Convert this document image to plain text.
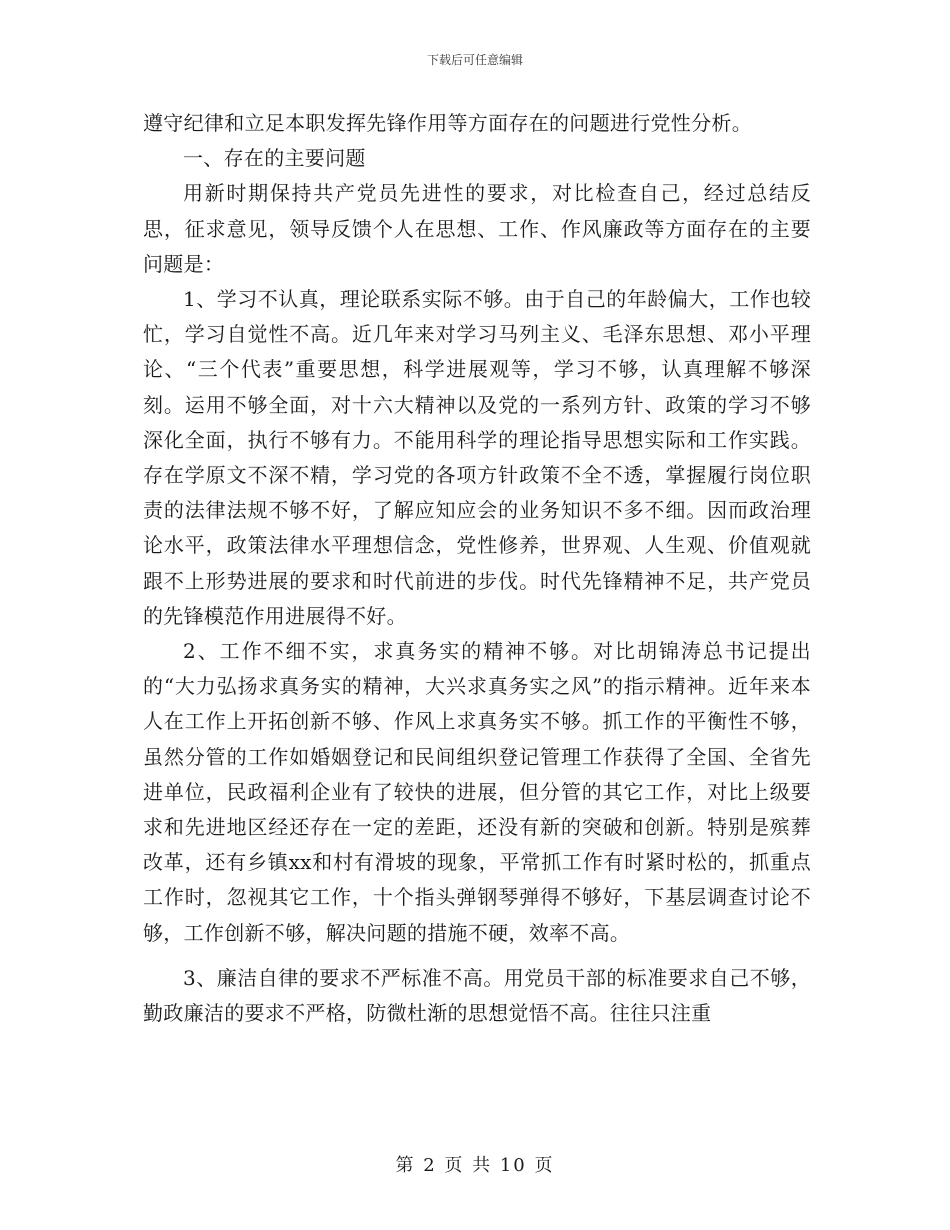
下载后可任意编辑

遵守纪律和立足本职发挥先锋作用等方面存在的问题进行党性分析。

一、存在的主要问题

用新时期保持共产党员先进性的要求，对比检查自己，经过总结反思，征求意见，领导反馈个人在思想、工作、作风廉政等方面存在的主要问题是：

1、学习不认真，理论联系实际不够。由于自己的年龄偏大，工作也较忙，学习自觉性不高。近几年来对学习马列主义、毛泽东思想、邓小平理论、“三个代表”重要思想，科学进展观等，学习不够，认真理解不够深刻。运用不够全面，对十六大精神以及党的一系列方针、政策的学习不够深化全面，执行不够有力。不能用科学的理论指导思想实际和工作实践。存在学原文不深不精，学习党的各项方针政策不全不透，掌握履行岗位职责的法律法规不够不好，了解应知应会的业务知识不多不细。因而政治理论水平，政策法律水平理想信念，党性修养，世界观、人生观、价值观就跟不上形势进展的要求和时代前进的步伐。时代先锋精神不足，共产党员的先锋模范作用进展得不好。

2、工作不细不实，求真务实的精神不够。对比胡锦涛总书记提出的“大力弘扬求真务实的精神，大兴求真务实之风”的指示精神。近年来本人在工作上开拓创新不够、作风上求真务实不够。抓工作的平衡性不够，虽然分管的工作如婚姻登记和民间组织登记管理工作获得了全国、全省先进单位，民政福利企业有了较快的进展，但分管的其它工作，对比上级要求和先进地区经还存在一定的差距，还没有新的突破和创新。特别是殡葬改革，还有乡镇xx和村有滑坡的现象，平常抓工作有时紧时松的，抓重点工作时，忽视其它工作，十个指头弹钢琴弹得不够好，下基层调查讨论不够，工作创新不够，解决问题的措施不硬，效率不高。

3、廉洁自律的要求不严标准不高。用党员干部的标准要求自己不够，勤政廉洁的要求不严格，防微杜渐的思想觉悟不高。往往只注重

第 2 页 共 10 页
